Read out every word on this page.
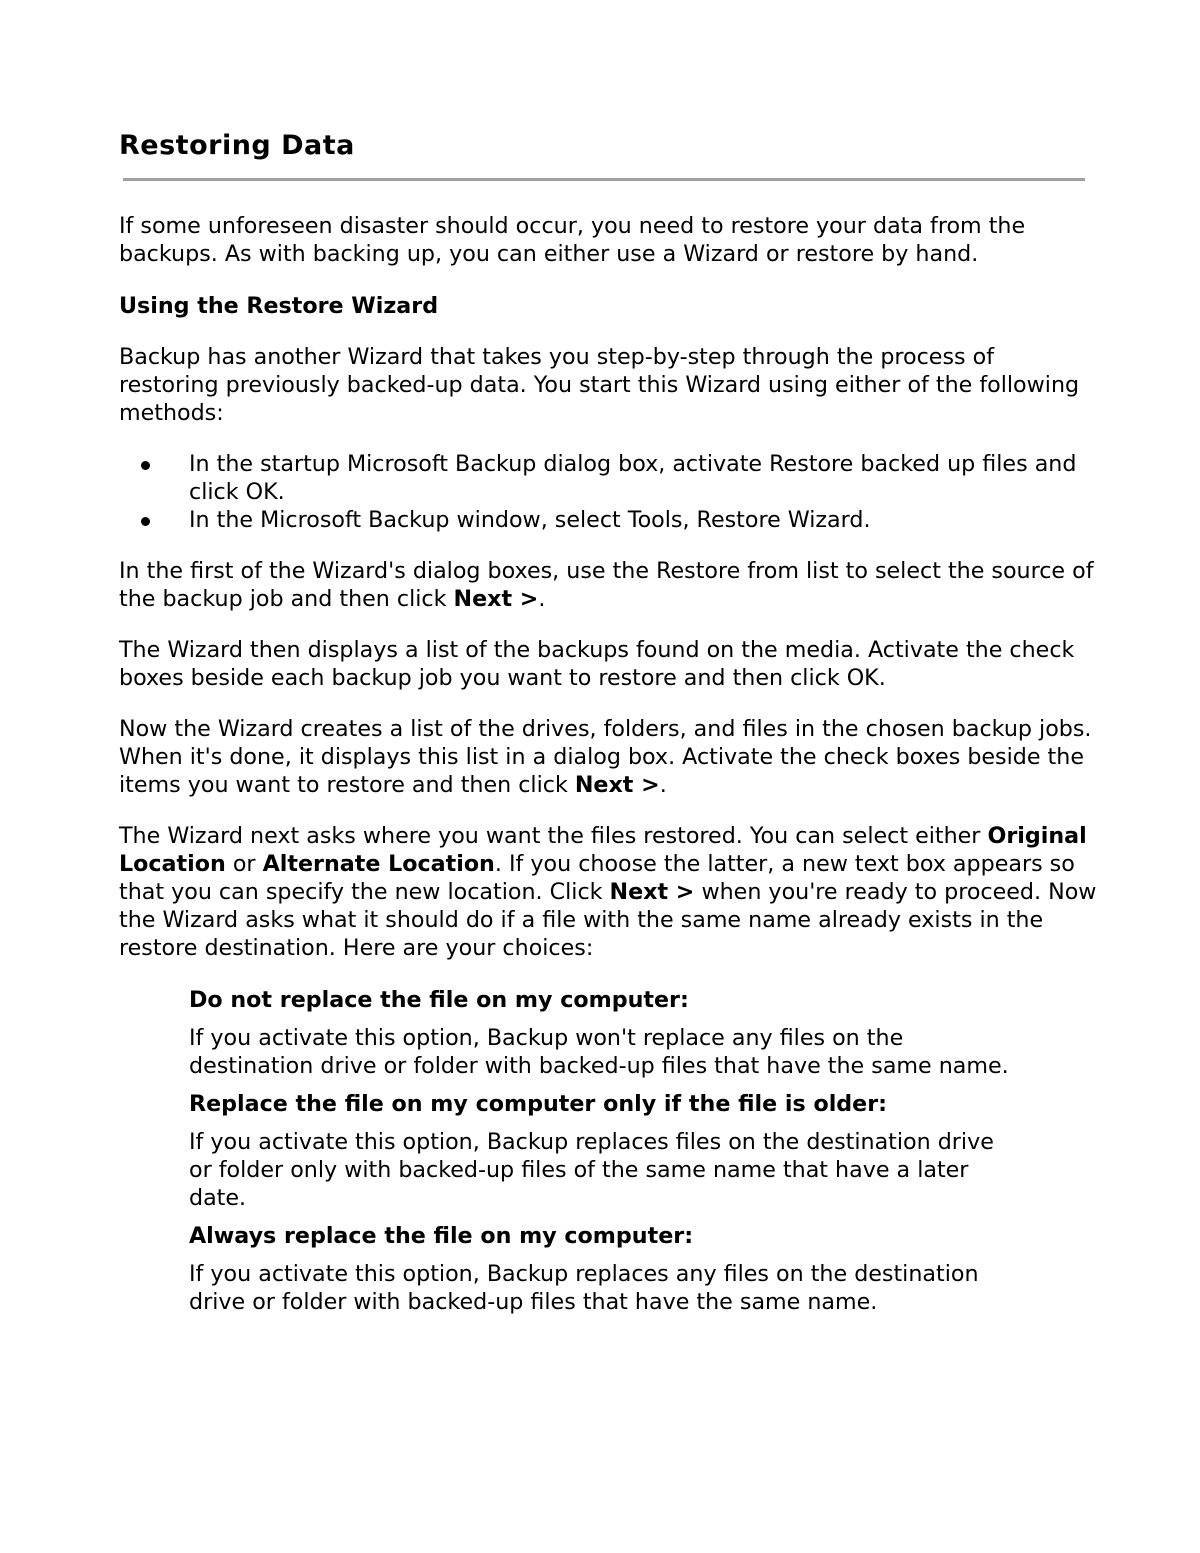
Restoring Data

If some unforeseen disaster should occur, you need to restore your data from the backups. As with backing up, you can either use a Wizard or restore by hand.

Using the Restore Wizard

Backup has another Wizard that takes you step-by-step through the process of restoring previously backed-up data. You start this Wizard using either of the following methods:

In the startup Microsoft Backup dialog box, activate Restore backed up files and click OK.
In the Microsoft Backup window, select Tools, Restore Wizard.

In the first of the Wizard's dialog boxes, use the Restore from list to select the source of the backup job and then click Next >.

The Wizard then displays a list of the backups found on the media. Activate the check boxes beside each backup job you want to restore and then click OK.

Now the Wizard creates a list of the drives, folders, and files in the chosen backup jobs. When it's done, it displays this list in a dialog box. Activate the check boxes beside the items you want to restore and then click Next >.

The Wizard next asks where you want the files restored. You can select either Original Location or Alternate Location. If you choose the latter, a new text box appears so that you can specify the new location. Click Next > when you're ready to proceed. Now the Wizard asks what it should do if a file with the same name already exists in the restore destination. Here are your choices:

Do not replace the file on my computer:
If you activate this option, Backup won't replace any files on the destination drive or folder with backed-up files that have the same name.
Replace the file on my computer only if the file is older:
If you activate this option, Backup replaces files on the destination drive or folder only with backed-up files of the same name that have a later date.
Always replace the file on my computer:
If you activate this option, Backup replaces any files on the destination drive or folder with backed-up files that have the same name.
